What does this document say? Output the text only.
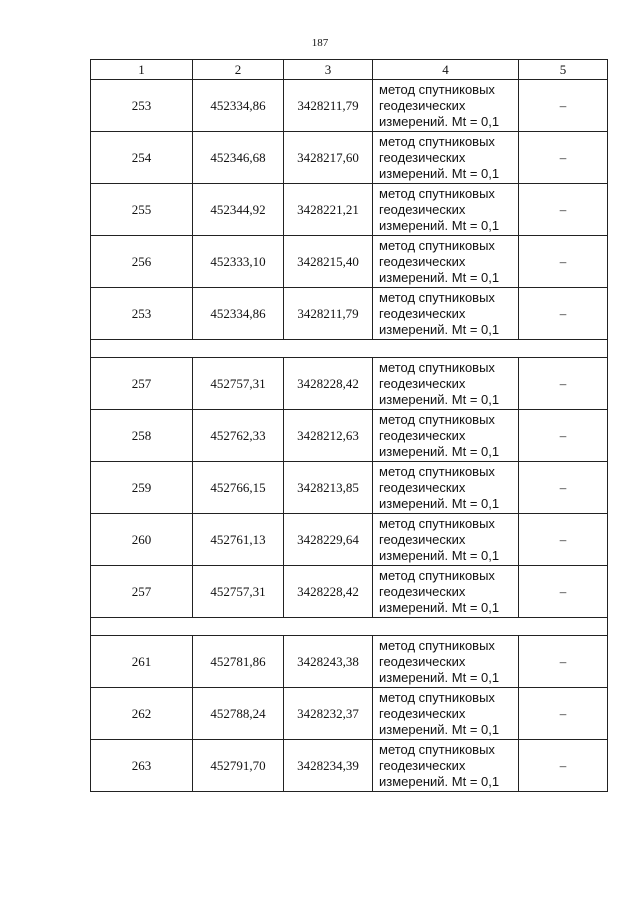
187
1	2	3	4	5
253	452334,86	3428211,79	метод спутниковых
геодезических
измерений. Mt = 0,1	–
254	452346,68	3428217,60	метод спутниковых
геодезических
измерений. Mt = 0,1	–
255	452344,92	3428221,21	метод спутниковых
геодезических
измерений. Mt = 0,1	–
256	452333,10	3428215,40	метод спутниковых
геодезических
измерений. Mt = 0,1	–
253	452334,86	3428211,79	метод спутниковых
геодезических
измерений. Mt = 0,1	–

257	452757,31	3428228,42	метод спутниковых
геодезических
измерений. Mt = 0,1	–
258	452762,33	3428212,63	метод спутниковых
геодезических
измерений. Mt = 0,1	–
259	452766,15	3428213,85	метод спутниковых
геодезических
измерений. Mt = 0,1	–
260	452761,13	3428229,64	метод спутниковых
геодезических
измерений. Mt = 0,1	–
257	452757,31	3428228,42	метод спутниковых
геодезических
измерений. Mt = 0,1	–

261	452781,86	3428243,38	метод спутниковых
геодезических
измерений. Mt = 0,1	–
262	452788,24	3428232,37	метод спутниковых
геодезических
измерений. Mt = 0,1	–
263	452791,70	3428234,39	метод спутниковых
геодезических
измерений. Mt = 0,1	–
